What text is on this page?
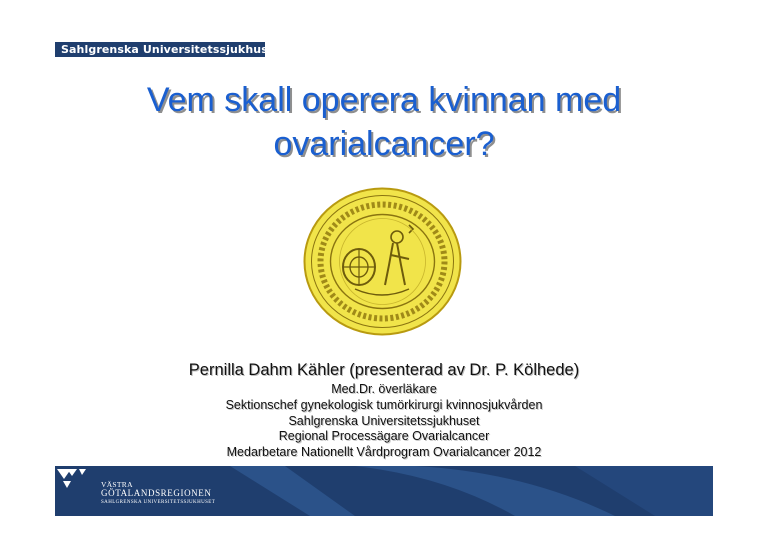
Sahlgrenska Universitetssjukhuset
Vem skall operera kvinnan med
ovarialcancer?
Pernilla Dahm Kähler (presenterad av Dr. P. Kölhede)
Med.Dr. överläkare
Sektionschef gynekologisk tumörkirurgi kvinnosjukvården
Sahlgrenska Universitetssjukhuset
Regional Processägare Ovarialcancer
Medarbetare Nationellt Vårdprogram Ovarialcancer 2012
VÄSTRA
GÖTALANDSREGIONEN
SAHLGRENSKA UNIVERSITETSSJUKHUSET
